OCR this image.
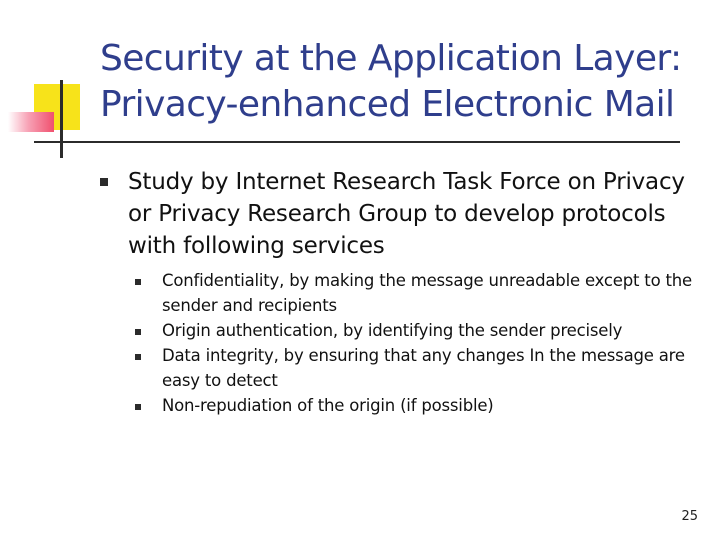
Security at the Application Layer:
Privacy-enhanced Electronic Mail
Study by Internet Research Task Force on Privacy or Privacy Research Group to develop protocols with following services
Confidentiality, by making the message unreadable except to the sender and recipients
Origin authentication, by identifying the sender precisely
Data integrity, by ensuring that any changes In the message are easy to detect
Non-repudiation of the origin (if possible)
25
